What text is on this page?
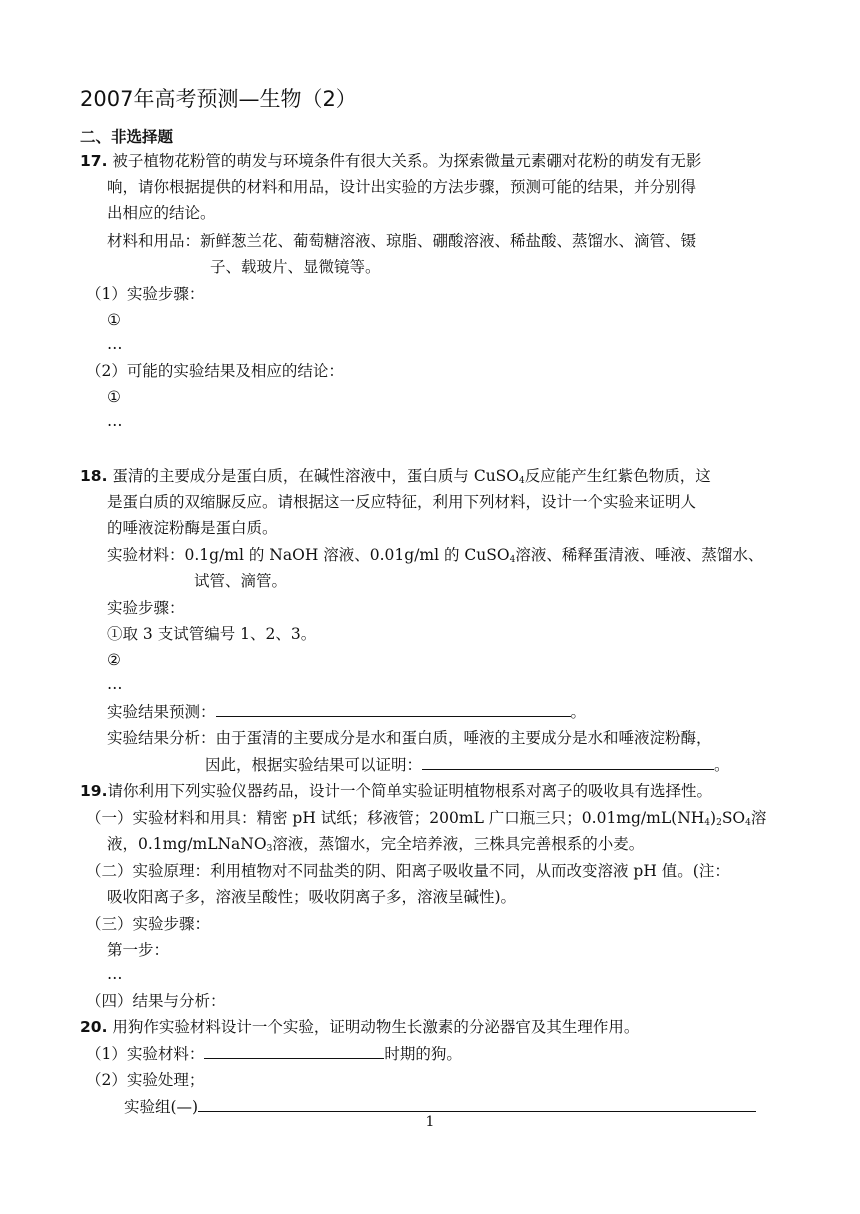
2007年高考预测—生物（2）
二、非选择题
17. 被子植物花粉管的萌发与环境条件有很大关系。为探索微量元素硼对花粉的萌发有无影
响，请你根据提供的材料和用品，设计出实验的方法步骤，预测可能的结果，并分别得
出相应的结论。
材料和用品：新鲜葱兰花、葡萄糖溶液、琼脂、硼酸溶液、稀盐酸、蒸馏水、滴管、镊
子、载玻片、显微镜等。
（1）实验步骤：
①
…
（2）可能的实验结果及相应的结论：
①
…
18. 蛋清的主要成分是蛋白质，在碱性溶液中，蛋白质与 CuSO$_4$反应能产生红紫色物质，这
是蛋白质的双缩脲反应。请根据这一反应特征，利用下列材料，设计一个实验来证明人
的唾液淀粉酶是蛋白质。
实验材料：0.1g/ml 的 NaOH 溶液、0.01g/ml 的 CuSO$_4$溶液、稀释蛋清液、唾液、蒸馏水、
试管、滴管。
实验步骤：
①取 3 支试管编号 1、2、3。
②
…
实验结果预测：	。
实验结果分析：由于蛋清的主要成分是水和蛋白质，唾液的主要成分是水和唾液淀粉酶，
因此，根据实验结果可以证明：	。
19.请你利用下列实验仪器药品，设计一个简单实验证明植物根系对离子的吸收具有选择性。
（一）实验材料和用具：精密 pH 试纸；移液管；200mL 广口瓶三只；$0.01mg/mL(NH_4)_2SO_4$溶
液，0.1mg/mLNaNO$_3$溶液，蒸馏水，完全培养液，三株具完善根系的小麦。
（二）实验原理：利用植物对不同盐类的阴、阳离子吸收量不同，从而改变溶液 pH 值。(注：
吸收阳离子多，溶液呈酸性；吸收阴离子多，溶液呈碱性)。
（三）实验步骤：
第一步：
…
（四）结果与分析：
20. 用狗作实验材料设计一个实验，证明动物生长激素的分泌器官及其生理作用。
（1）实验材料：	时期的狗。
（2）实验处理；
实验组(—)
1
